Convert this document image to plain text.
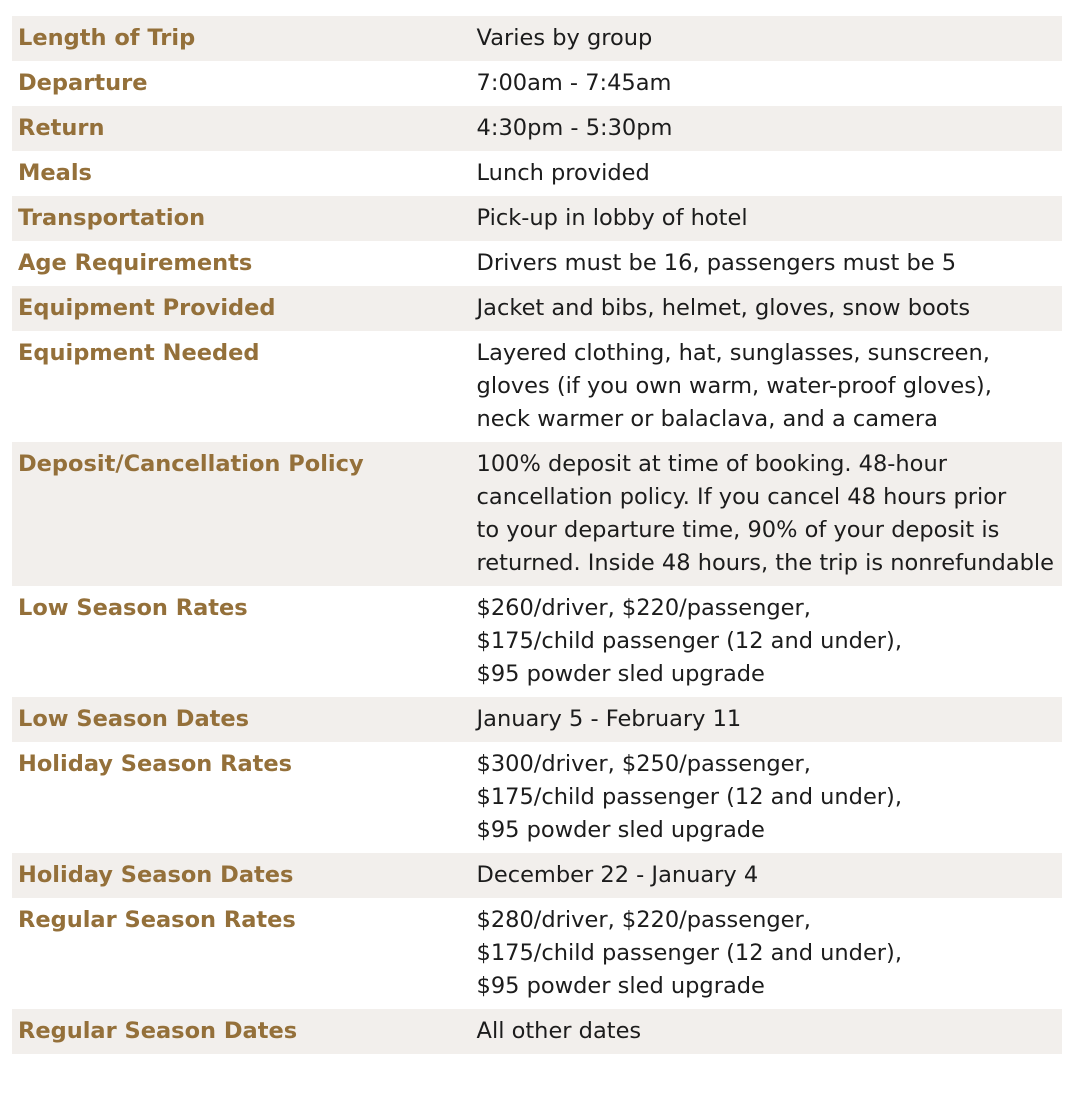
Length of Trip	Varies by group

Departure	7:00am - 7:45am

Return	4:30pm - 5:30pm

Meals	Lunch provided

Transportation	Pick-up in lobby of hotel

Age Requirements	Drivers must be 16, passengers must be 5

Equipment Provided	Jacket and bibs, helmet, gloves, snow boots

Equipment Needed	Layered clothing, hat, sunglasses, sunscreen,
gloves (if you own warm, water-proof gloves),
neck warmer or balaclava, and a camera

Deposit/Cancellation Policy	100% deposit at time of booking. 48-hour
cancellation policy. If you cancel 48 hours prior
to your departure time, 90% of your deposit is
returned. Inside 48 hours, the trip is nonrefundable

Low Season Rates	$260/driver, $220/passenger,
$175/child passenger (12 and under),
$95 powder sled upgrade

Low Season Dates	January 5 - February 11

Holiday Season Rates	$300/driver, $250/passenger,
$175/child passenger (12 and under),
$95 powder sled upgrade

Holiday Season Dates	December 22 - January 4

Regular Season Rates	$280/driver, $220/passenger,
$175/child passenger (12 and under),
$95 powder sled upgrade

Regular Season Dates	All other dates
